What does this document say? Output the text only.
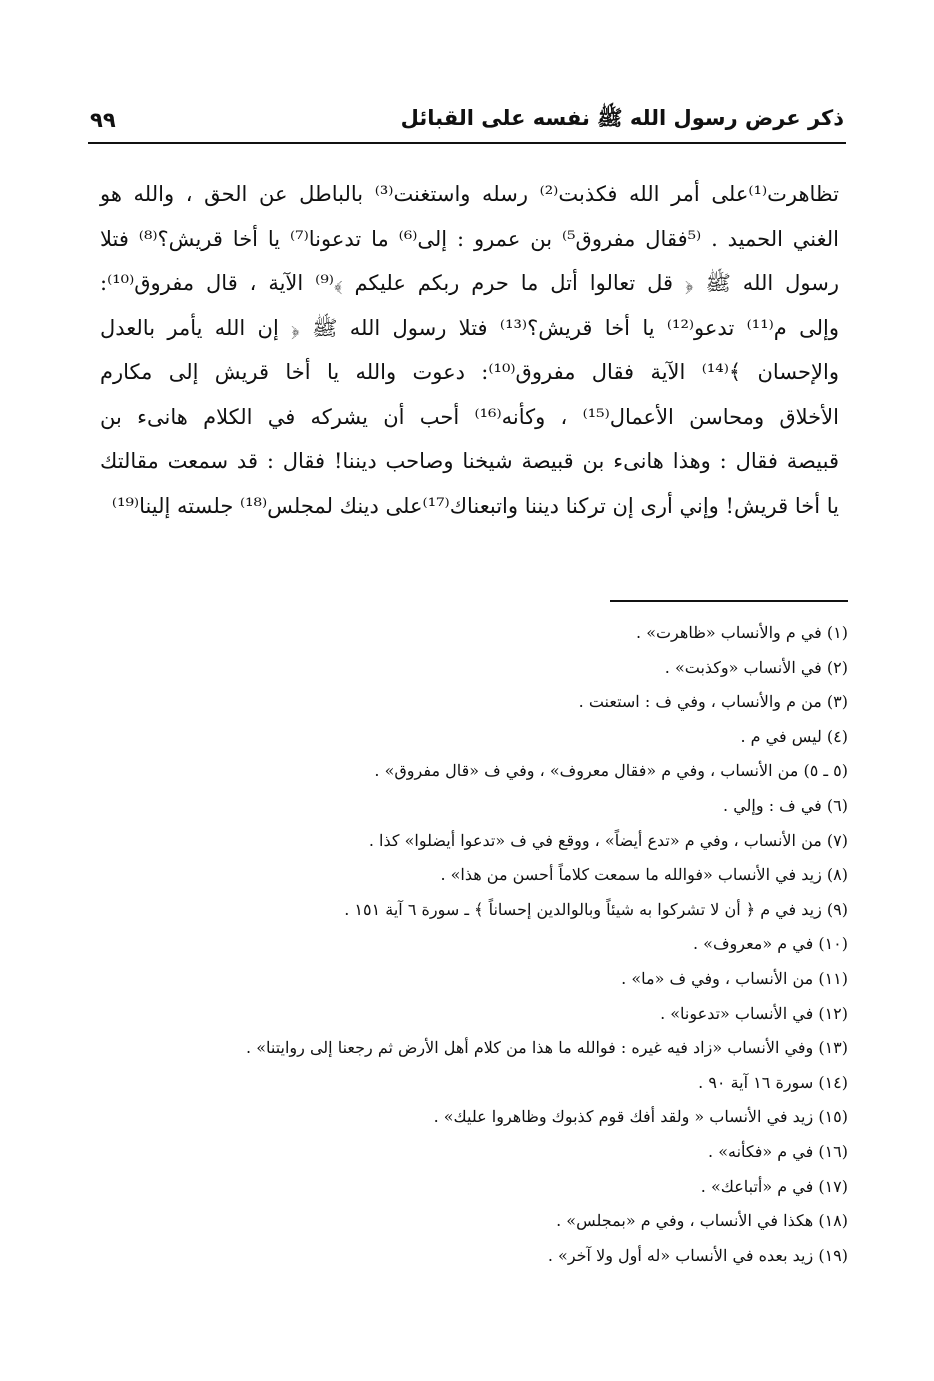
٩٩	ذكر عرض رسول الله ﷺ نفسه على القبائل
تظاهرت⁽¹⁾على أمر الله فكذبت⁽²⁾ رسله واستغنت⁽³⁾ بالباطل عن الحق ، والله هو
الغني الحميد . ⁽⁵فقال مفروق⁵⁾ بن عمرو : إلى⁽⁶⁾ ما تدعونا⁽⁷⁾ يا أخا قريش؟⁽⁸⁾ فتلا
رسول الله ﷺ ﴿ قل تعالوا أتل ما حرم ربكم عليكم ﴾⁽⁹⁾ الآية ، قال مفروق⁽¹⁰⁾:
وإلى م⁽¹¹⁾ تدعو⁽¹²⁾ يا أخا قريش؟⁽¹³⁾ فتلا رسول الله ﷺ ﴿ إن الله يأمر بالعدل
والإحسان ﴾⁽¹⁴⁾ الآية فقال مفروق⁽¹⁰⁾: دعوت والله يا أخا قريش إلى مكارم
الأخلاق ومحاسن الأعمال⁽¹⁵⁾ ، وكأنه⁽¹⁶⁾ أحب أن يشركه في الكلام هانىء بن
قبيصة فقال : وهذا هانىء بن قبيصة شيخنا وصاحب ديننا! فقال : قد سمعت مقالتك
يا أخا قريش! وإني أرى إن تركنا ديننا واتبعناك⁽¹⁷⁾على دينك لمجلس⁽¹⁸⁾ جلسته إلينا⁽¹⁹⁾
(١) في م والأنساب «ظاهرت» .
(٢) في الأنساب «وكذبت» .
(٣) من م والأنساب ، وفي ف : استعنت .
(٤) ليس في م .
(٥ ـ ٥) من الأنساب ، وفي م «فقال معروف» ، وفي ف «قال مفروق» .
(٦) في ف : وإلي .
(٧) من الأنساب ، وفي م «تدع أيضاً» ، ووقع في ف «تدعوا أيضلوا» كذا .
(٨) زيد في الأنساب «فوالله ما سمعت كلاماً أحسن من هذا» .
(٩) زيد في م ﴿ أن لا تشركوا به شيئاً وبالوالدين إحساناً ﴾ ـ سورة ٦ آية ١٥١ .
(١٠) في م «معروف» .
(١١) من الأنساب ، وفي ف «ما» .
(١٢) في الأنساب «تدعونا» .
(١٣) وفي الأنساب «زاد فيه غيره : فوالله ما هذا من كلام أهل الأرض ثم رجعنا إلى روايتنا» .
(١٤) سورة ١٦ آية ٩٠ .
(١٥) زيد في الأنساب « ولقد أفك قوم كذبوك وظاهروا عليك» .
(١٦) في م «فكأنه» .
(١٧) في م «أتباعك» .
(١٨) هكذا في الأنساب ، وفي م «بمجلس» .
(١٩) زيد بعده في الأنساب «له أول ولا آخر» .
